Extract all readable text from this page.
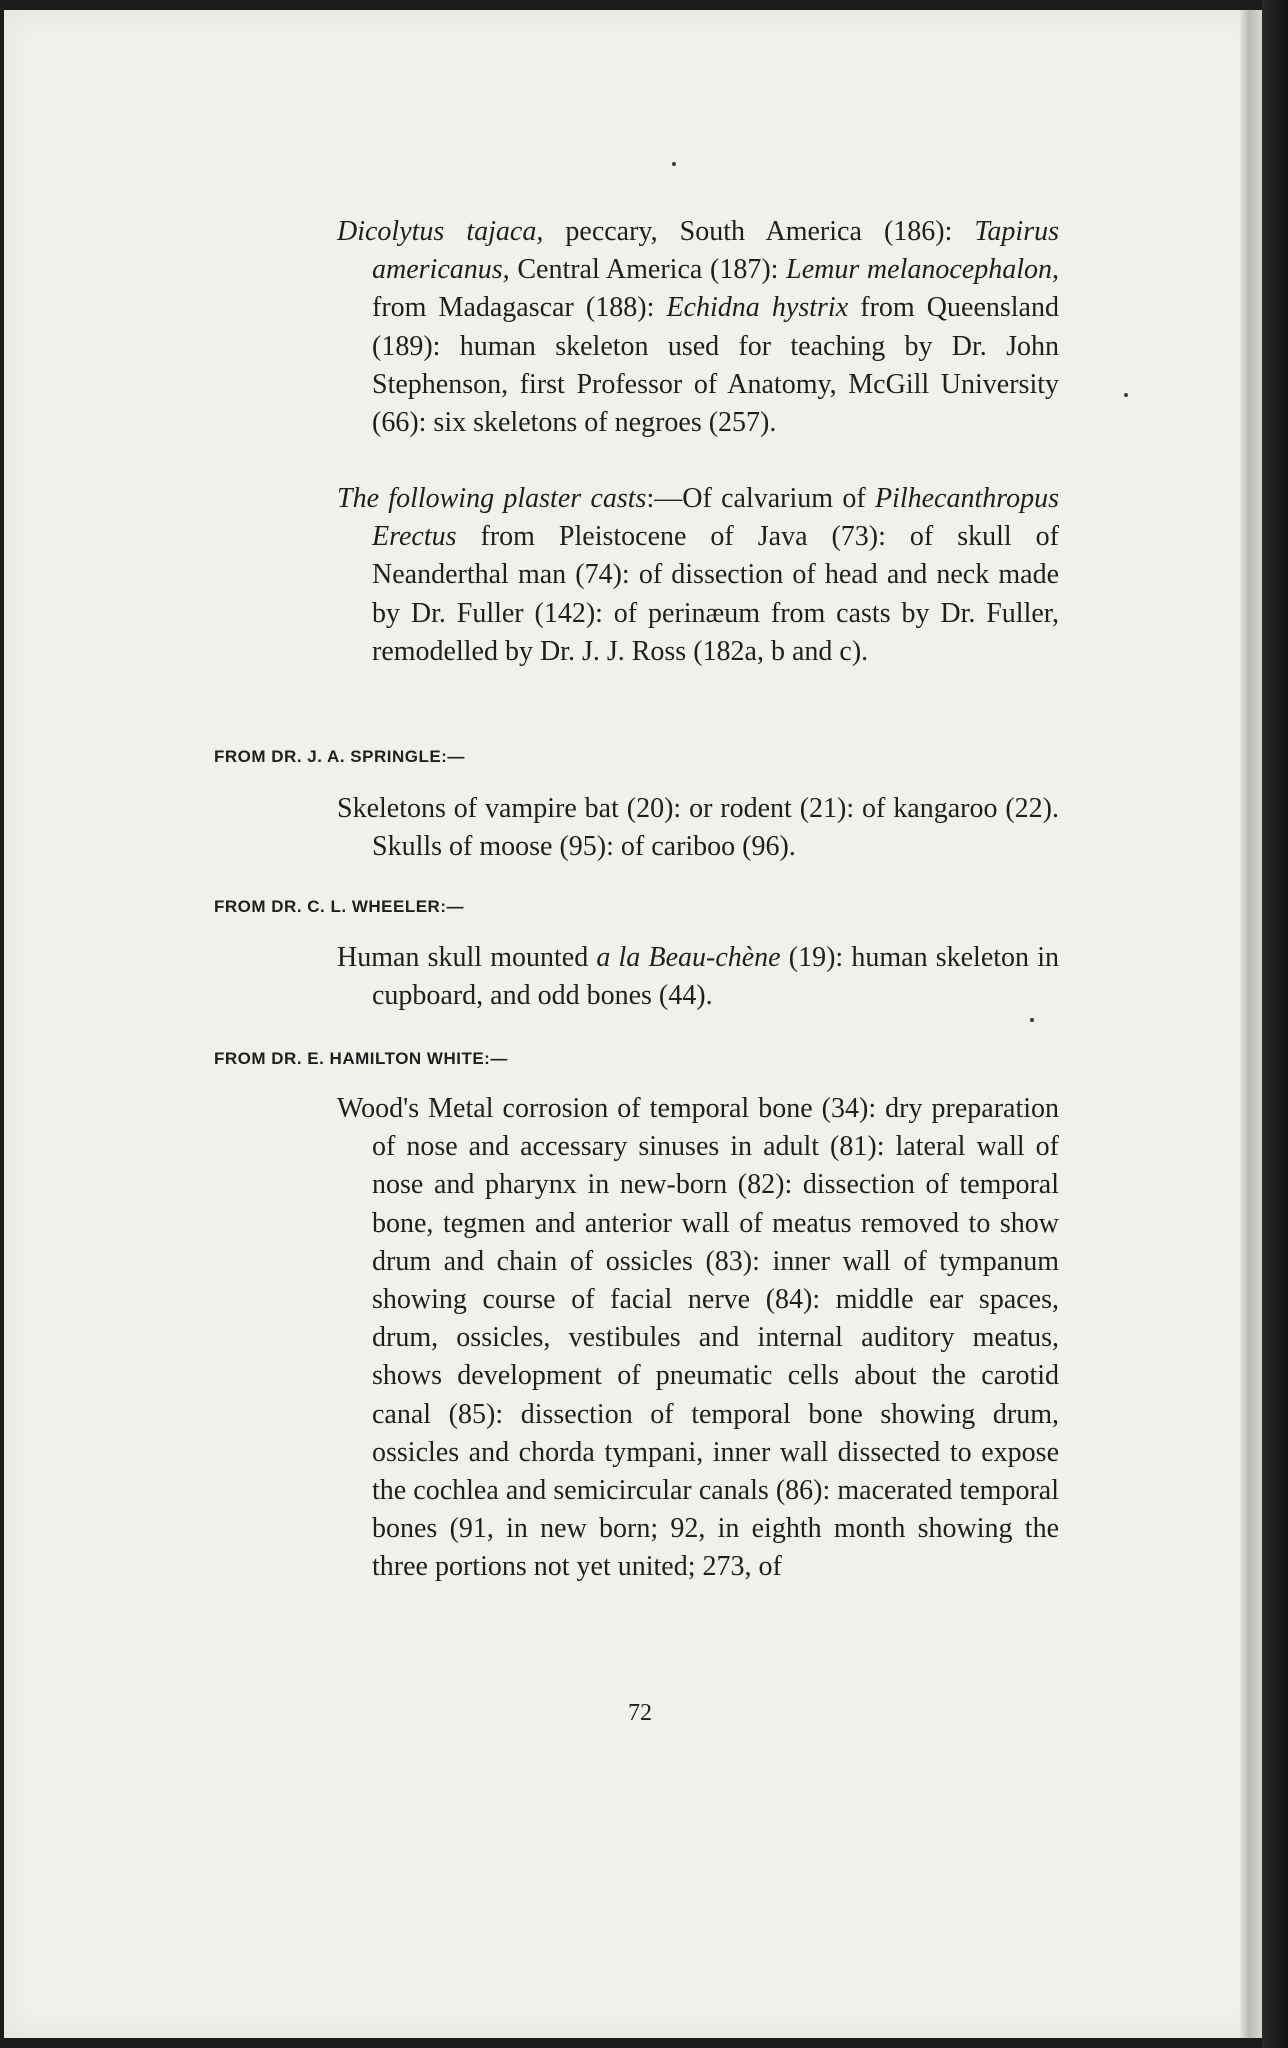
Dicolytus tajaca, peccary, South America (186): Tapirus americanus, Central America (187): Lemur melanocephalon, from Madagascar (188): Echidna hystrix from Queensland (189): human skeleton used for teaching by Dr. John Stephenson, first Professor of Anatomy, McGill University (66): six skeletons of negroes (257).
The following plaster casts:—Of calvarium of Pilhecanthropus Erectus from Pleistocene of Java (73): of skull of Neanderthal man (74): of dissection of head and neck made by Dr. Fuller (142): of perinæum from casts by Dr. Fuller, remodelled by Dr. J. J. Ross (182a, b and c).
FROM DR. J. A. SPRINGLE:—
Skeletons of vampire bat (20): or rodent (21): of kangaroo (22). Skulls of moose (95): of cariboo (96).
FROM DR. C. L. WHEELER:—
Human skull mounted a la Beau-chène (19): human skeleton in cupboard, and odd bones (44).
FROM DR. E. HAMILTON WHITE:—
Wood's Metal corrosion of temporal bone (34): dry preparation of nose and accessary sinuses in adult (81): lateral wall of nose and pharynx in new-born (82): dissection of temporal bone, tegmen and anterior wall of meatus removed to show drum and chain of ossicles (83): inner wall of tympanum showing course of facial nerve (84): middle ear spaces, drum, ossicles, vestibules and internal auditory meatus, shows development of pneumatic cells about the carotid canal (85): dissection of temporal bone showing drum, ossicles and chorda tympani, inner wall dissected to expose the cochlea and semicircular canals (86): macerated temporal bones (91, in new born; 92, in eighth month showing the three portions not yet united; 273, of
72
